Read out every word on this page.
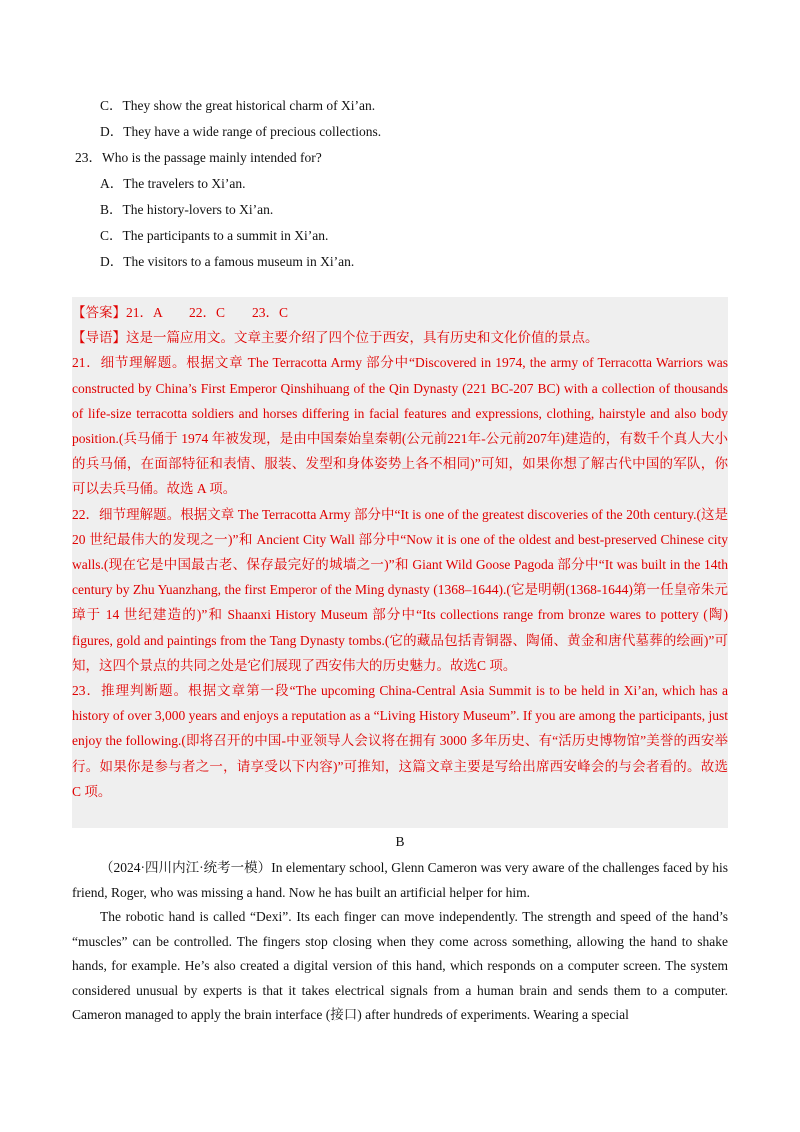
C．They show the great historical charm of Xi’an.
D．They have a wide range of precious collections.
23．Who is the passage mainly intended for?
A．The travelers to Xi’an.
B．The history-lovers to Xi’an.
C．The participants to a summit in Xi’an.
D．The visitors to a famous museum in Xi’an.

【答案】21．A　　22．C　　23．C

【导语】这是一篇应用文。文章主要介绍了四个位于西安，具有历史和文化价值的景点。

21．细节理解题。根据文章 The Terracotta Army 部分中“Discovered in 1974, the army of Terracotta Warriors was constructed by China’s First Emperor Qinshihuang of the Qin Dynasty (221 BC-207 BC) with a collection of thousands of life-size terracotta soldiers and horses differing in facial features and expressions, clothing, hairstyle and also body position.(兵马俑于 1974 年被发现，是由中国秦始皇秦朝(公元前221年-公元前207年)建造的，有数千个真人大小的兵马俑，在面部特征和表情、服装、发型和身体姿势上各不相同)”可知，如果你想了解古代中国的军队，你可以去兵马俑。故选 A 项。

22．细节理解题。根据文章 The Terracotta Army 部分中“It is one of the greatest discoveries of the 20th century.(这是 20 世纪最伟大的发现之一)”和 Ancient City Wall 部分中“Now it is one of the oldest and best-preserved Chinese city walls.(现在它是中国最古老、保存最完好的城墙之一)”和 Giant Wild Goose Pagoda 部分中“It was built in the 14th century by Zhu Yuanzhang, the first Emperor of the Ming dynasty (1368–1644).(它是明朝(1368-1644)第一任皇帝朱元璋于 14 世纪建造的)”和 Shaanxi History Museum 部分中“Its collections range from bronze wares to pottery (陶) figures, gold and paintings from the Tang Dynasty tombs.(它的藏品包括青铜器、陶俑、黄金和唐代墓葬的绘画)”可知，这四个景点的共同之处是它们展现了西安伟大的历史魅力。故选C 项。

23．推理判断题。根据文章第一段“The upcoming China-Central Asia Summit is to be held in Xi’an, which has a history of over 3,000 years and enjoys a reputation as a “Living History Museum”. If you are among the participants, just enjoy the following.(即将召开的中国-中亚领导人会议将在拥有 3000 多年历史、有“活历史博物馆”美誉的西安举行。如果你是参与者之一，请享受以下内容)”可推知，这篇文章主要是写给出席西安峰会的与会者看的。故选 C 项。

B

（2024·四川内江·统考一模）In elementary school, Glenn Cameron was very aware of the challenges faced by his friend, Roger, who was missing a hand. Now he has built an artificial helper for him.

The robotic hand is called “Dexi”. Its each finger can move independently. The strength and speed of the hand’s “muscles” can be controlled. The fingers stop closing when they come across something, allowing the hand to shake hands, for example. He’s also created a digital version of this hand, which responds on a computer screen. The system considered unusual by experts is that it takes electrical signals from a human brain and sends them to a computer. Cameron managed to apply the brain interface (接口) after hundreds of experiments. Wearing a special
